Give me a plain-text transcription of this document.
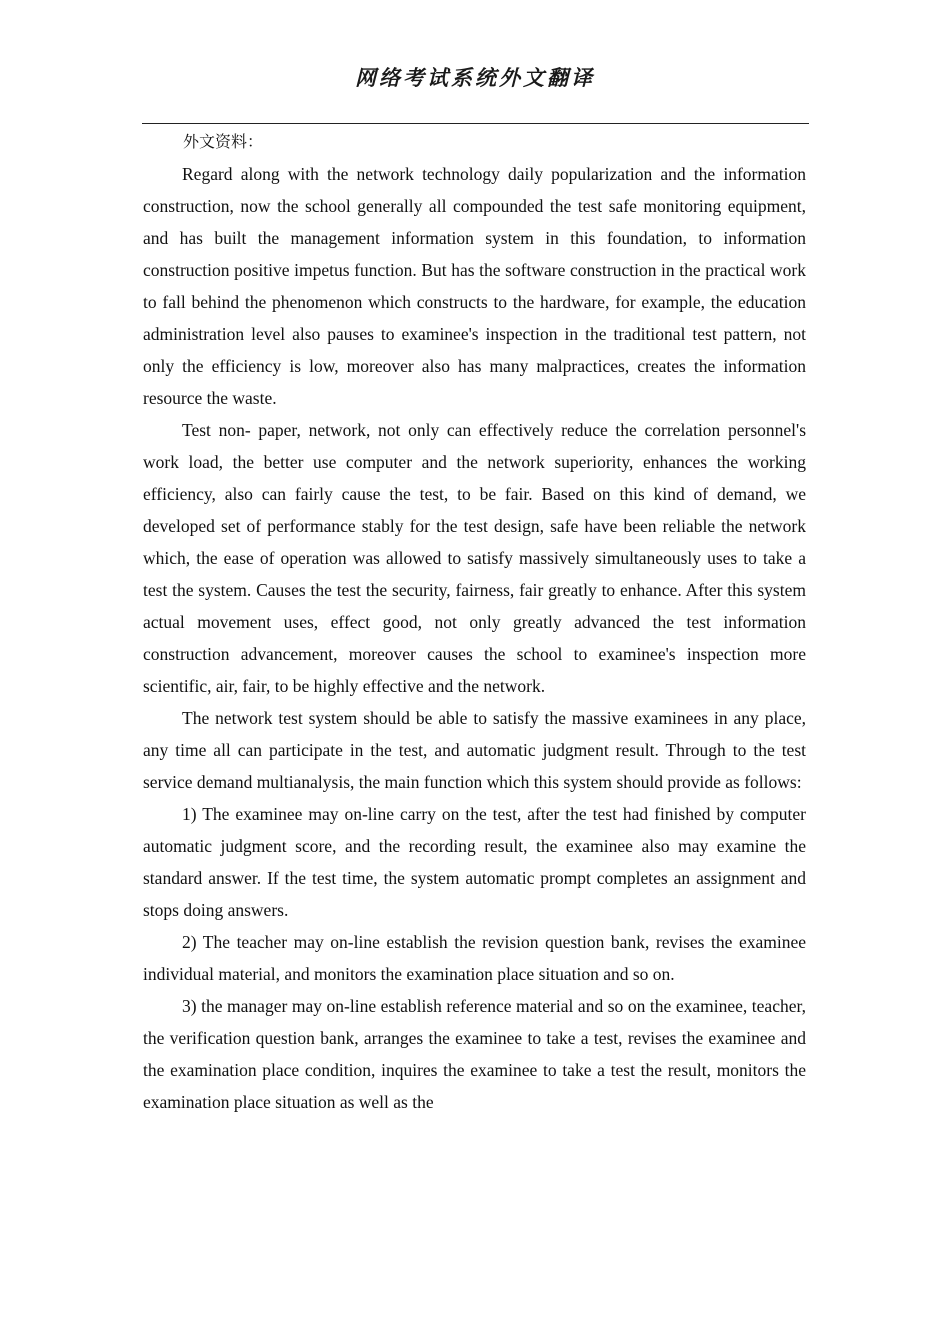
网络考试系统外文翻译

外文资料：

Regard along with the network technology daily popularization and the information construction, now the school generally all compounded the test safe monitoring equipment, and has built the management information system in this foundation, to information construction positive impetus function. But has the software construction in the practical work to fall behind the phenomenon which constructs to the hardware, for example, the education administration level also pauses to examinee's inspection in the traditional test pattern, not only the efficiency is low, moreover also has many malpractices, creates the information resource the waste.

Test non- paper, network, not only can effectively reduce the correlation personnel's work load, the better use computer and the network superiority, enhances the working efficiency, also can fairly cause the test, to be fair. Based on this kind of demand, we developed set of performance stably for the test design, safe have been reliable the network which, the ease of operation was allowed to satisfy massively simultaneously uses to take a test the system. Causes the test the security, fairness, fair greatly to enhance. After this system actual movement uses, effect good, not only greatly advanced the test information construction advancement, moreover causes the school to examinee's inspection more scientific, air, fair, to be highly effective and the network.

The network test system should be able to satisfy the massive examinees in any place, any time all can participate in the test, and automatic judgment result. Through to the test service demand multianalysis, the main function which this system should provide as follows:

1) The examinee may on-line carry on the test, after the test had finished by computer automatic judgment score, and the recording result, the examinee also may examine the standard answer. If the test time, the system automatic prompt completes an assignment and stops doing answers.

2) The teacher may on-line establish the revision question bank, revises the examinee individual material, and monitors the examination place situation and so on.

3) the manager may on-line establish reference material and so on the examinee, teacher, the verification question bank, arranges the examinee to take a test, revises the examinee and the examination place condition, inquires the examinee to take a test the result, monitors the examination place situation as well as the
